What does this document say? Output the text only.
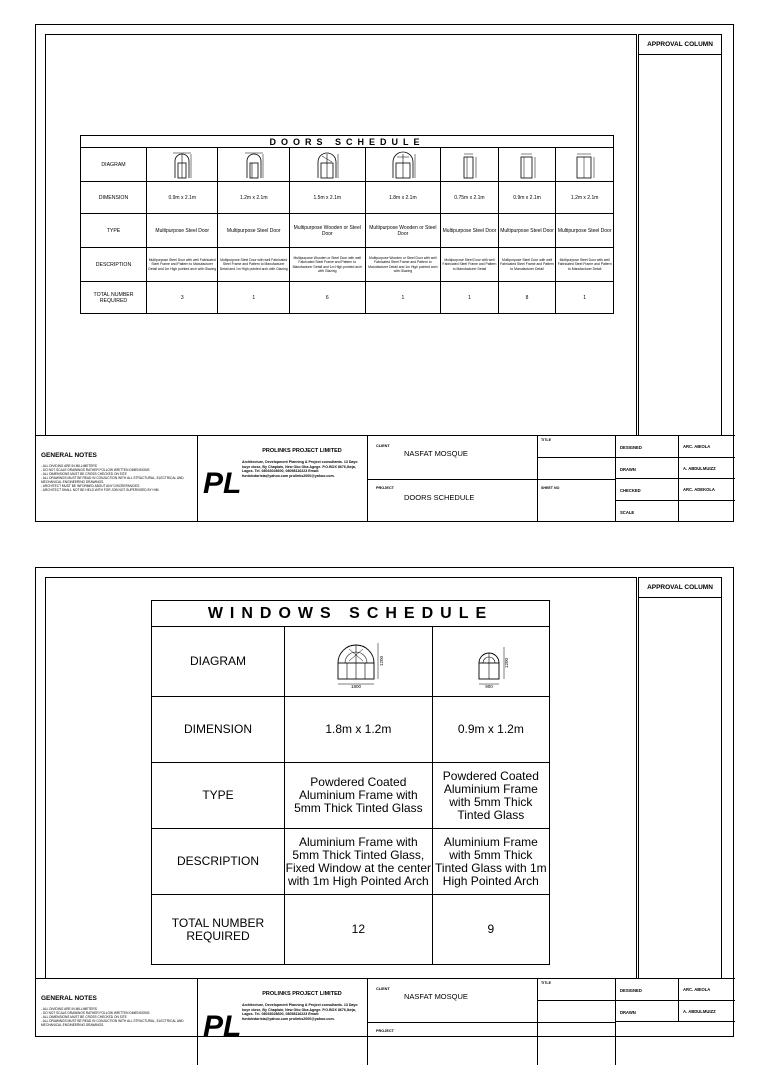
DOORS SCHEDULE							
DIAGRAM	

DIMENSION	0.9m x 2.1m	1.2m x 2.1m	1.5m x 2.1m	1.8m x 2.1m	0.75m x 2.1m	0.9m x 2.1m	1.2m x 2.1m
TYPE	Multipurpose Steel Door	Multipurpose Steel Door	Multipurpose Wooden or Steel Door	Multipurpose Wooden or Steel Door	Multipurpose Steel Door	Multipurpose Steel Door	Multipurpose Steel Door
DESCRIPTION	Multipurpose Steel Door with well Fabricated Steel Frame and Pattern to Manufacturer Detail and 1m High pointed arch with Glazing	Multipurpose Steel Door with well Fabricated Steel Frame and Pattern to Manufacturer Detail and 1m High pointed arch with Glazing	Multipurpose Wooden or Steel Door with well Fabricated Steel Frame and Pattern to Manufacturer Detail and 1m High pointed arch with Glazing	Multipurpose Wooden or Steel Door with well Fabricated Steel Frame and Pattern to Manufacturer Detail and 1m High pointed arch with Glazing	Multipurpose Steel Door with well Fabricated Steel Frame and Pattern to Manufacturer Detail	Multipurpose Steel Door with well Fabricated Steel Frame and Pattern to Manufacturer Detail	Multipurpose Steel Door with well Fabricated Steel Frame and Pattern to Manufacturer Detail
TOTAL NUMBER REQUIRED	3	1	6	1	1	8	1
APPROVAL COLUMN
GENERAL NOTES

- ALL DIVIDING ARE IN MILLIMETERS

- DO NOT SCALE DRAWINGS RATHER FOLLOW WRITTEN DIMENSIONS

- ALL DIMENSIONS MUST BE CROSS CHECKED ON SITE

- ALL DRAWINGS MUST BE READ IN CONJUCTION WITH ALL STRUCTURAL, ELECTRICAL AND MECHANICAL ENGINEERING DRAWINGS.

- ARCHITECT MUST BE INFORMED ABOUT ANY DISCREPANCIES

- ARCHITECT SHALL NOT BE HELD WITH FOR JOB NOT SUPERVISED BY HIM.	PL
PROLINKS PROJECT LIMITED
Architecture, Development Planning & Project consultants. 13 Dayo kuye close, By Chaplain, New Oko Oba Agege. P.O.BOX 8676,Ikeja, Lagos. Tel. 08033028600, 08058116223 Email: funtoledarista@yahoo.com prolinks2000@yahoo.com.
CLIENT
NASFAT MOSQUE
PROJECT
DOORS SCHEDULE
TITLE
SHEET NO
DESIGNED	ARC. ABIOLA
DRAWN	A. ABDULMUIZZ
CHECKED	ARC. ADEKOLA
SCALE
WINDOWS SCHEDULE		
DIAGRAM	1800
1200	900
1200

DIMENSION	1.8m x 1.2m	0.9m x 1.2m
TYPE	Powdered Coated Aluminium Frame with 5mm Thick Tinted Glass	Powdered Coated Aluminium Frame with 5mm Thick Tinted Glass
DESCRIPTION	Aluminium Frame with 5mm Thick Tinted Glass, Fixed Window at the center with 1m High Pointed Arch	Aluminium Frame with 5mm Thick Tinted Glass with 1m High Pointed Arch
TOTAL NUMBER REQUIRED	12	9
APPROVAL COLUMN
GENERAL NOTES

- ALL DIVIDING ARE IN MILLIMETERS

- DO NOT SCALE DRAWINGS RATHER FOLLOW WRITTEN DIMENSIONS

- ALL DIMENSIONS MUST BE CROSS CHECKED ON SITE

- ALL DRAWINGS MUST BE READ IN CONJUCTION WITH ALL STRUCTURAL, ELECTRICAL AND MECHANICAL ENGINEERING DRAWINGS.	PL
PROLINKS PROJECT LIMITED
Architecture, Development Planning & Project consultants. 13 Dayo kuye close, By Chaplain, New Oko Oba Agege. P.O.BOX 8676,Ikeja, Lagos. Tel. 08033028600, 08058116223 Email: funtoledarista@yahoo.com prolinks2000@yahoo.com.
CLIENT
NASFAT MOSQUE
PROJECT
TITLE
DESIGNED	ARC. ABIOLA
DRAWN	A. ABDULMUIZZ
